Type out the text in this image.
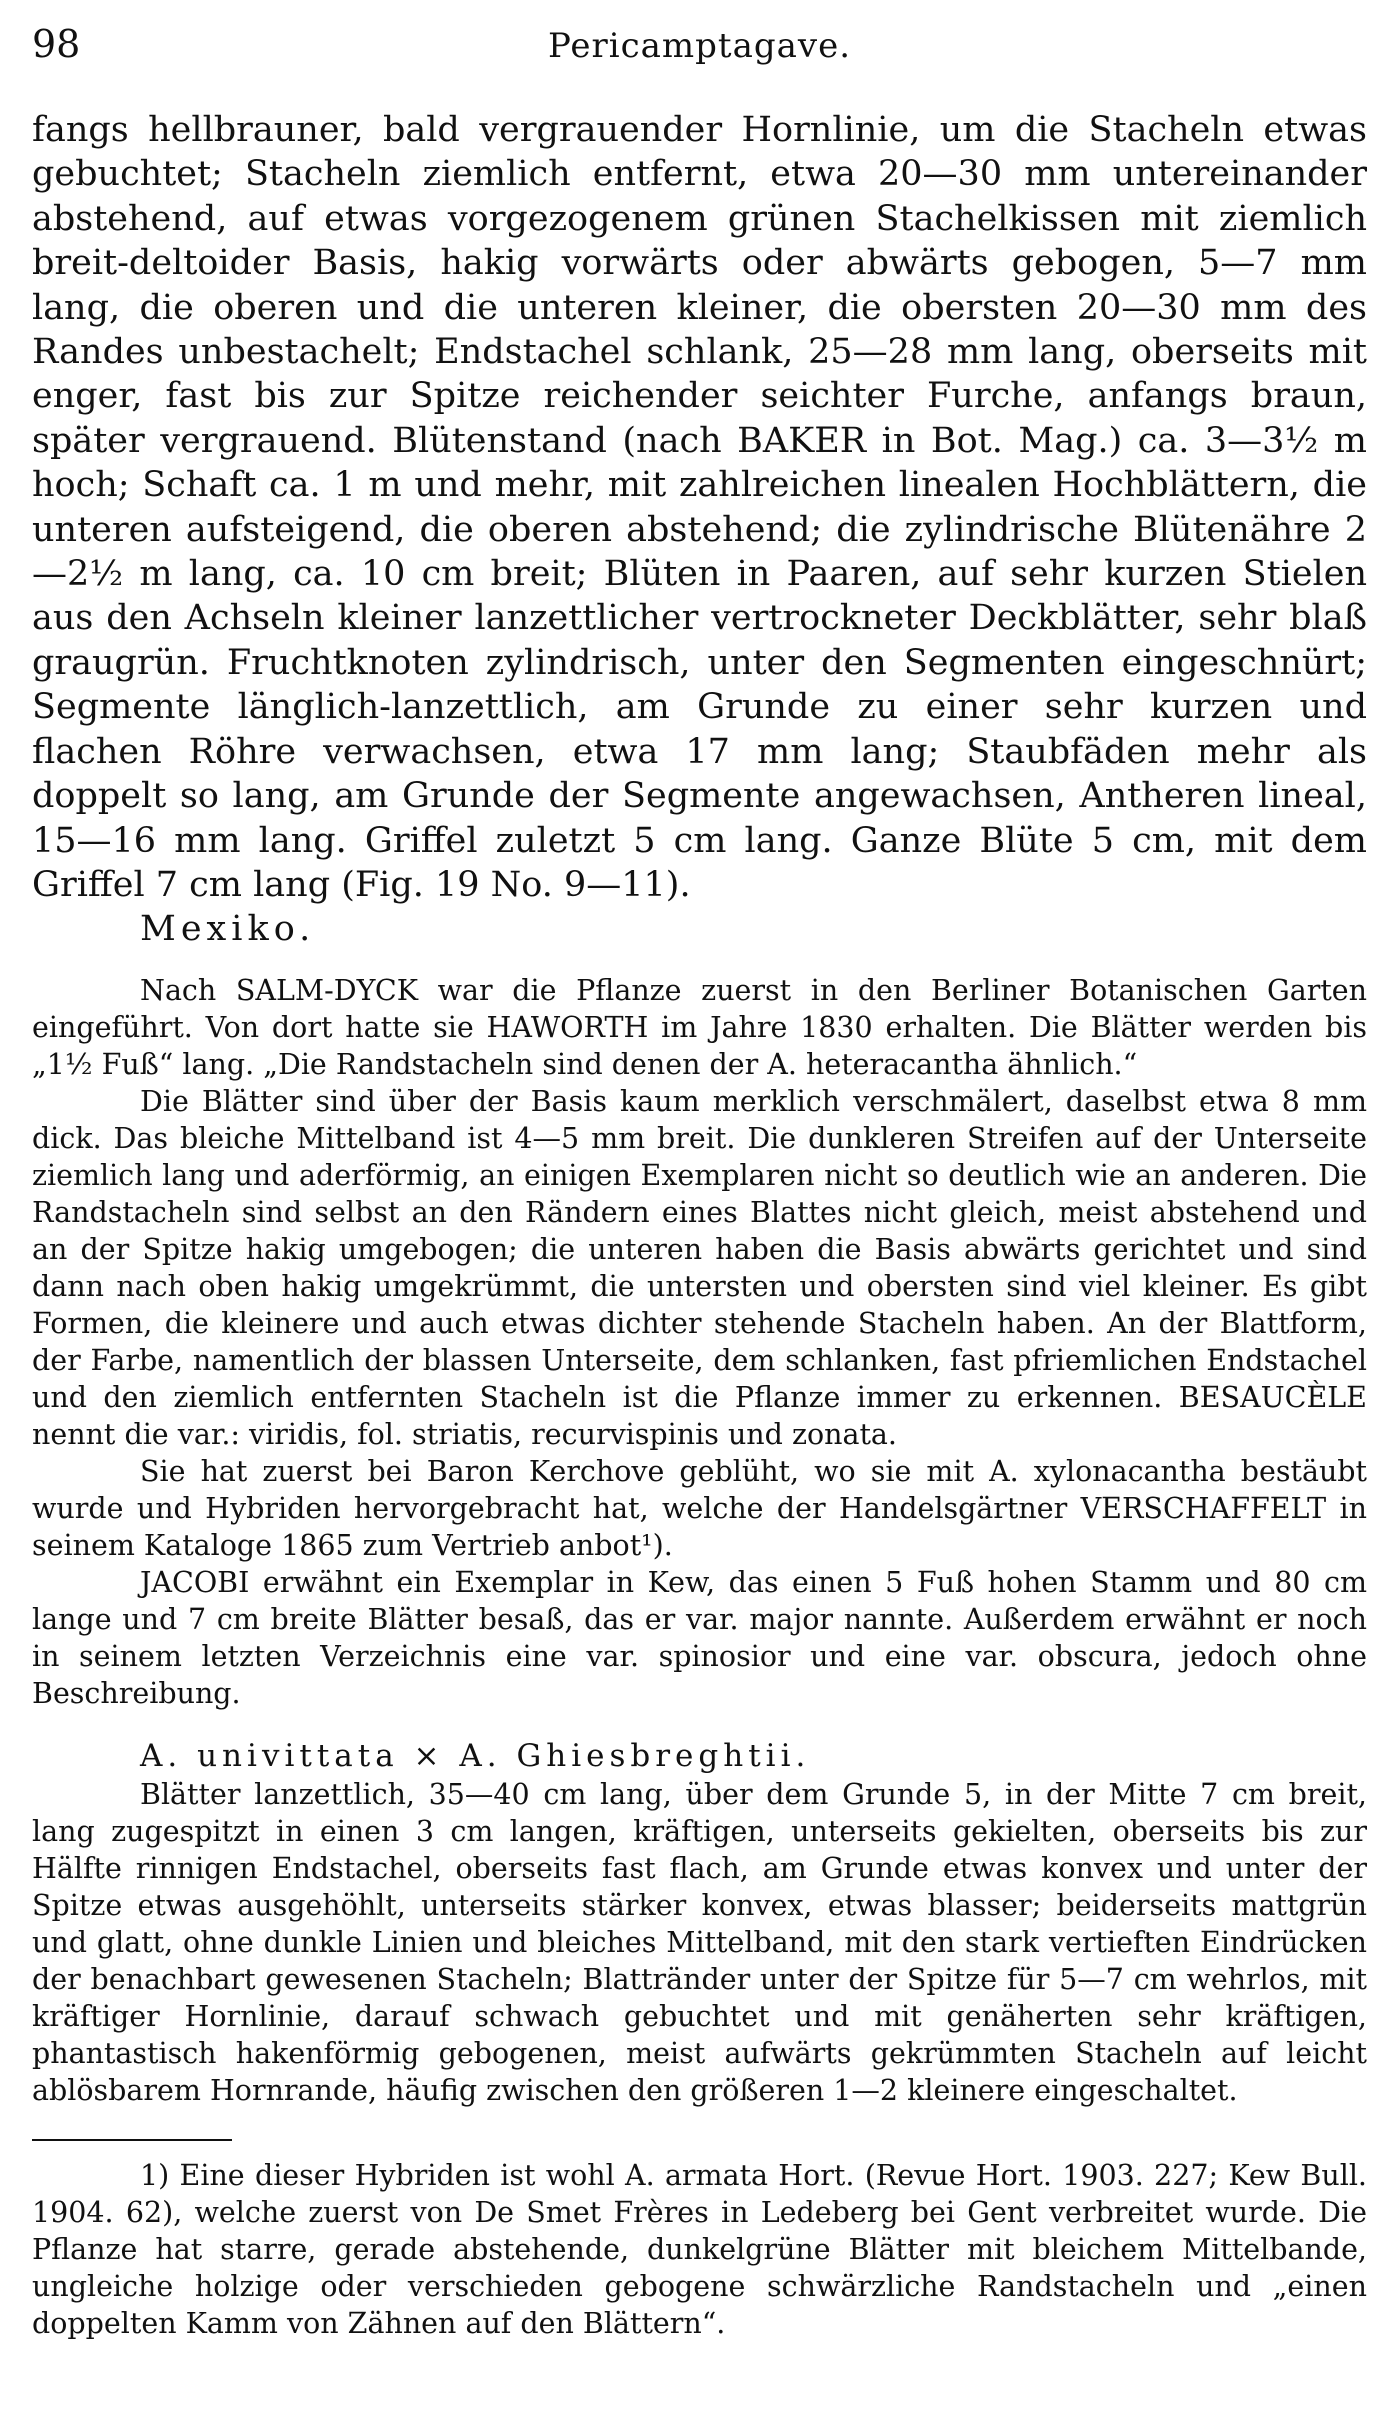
98	Pericamptagave.

fangs hellbrauner, bald vergrauender Hornlinie, um die Stacheln etwas gebuchtet; Stacheln ziemlich entfernt, etwa 20—30 mm untereinander abstehend, auf etwas vorgezogenem grünen Stachelkissen mit ziemlich breit-deltoider Basis, hakig vorwärts oder abwärts gebogen, 5—7 mm lang, die oberen und die unteren kleiner, die obersten 20—30 mm des Randes unbestachelt; Endstachel schlank, 25—28 mm lang, oberseits mit enger, fast bis zur Spitze reichender seichter Furche, anfangs braun, später vergrauend. Blütenstand (nach BAKER in Bot. Mag.) ca. 3—3½ m hoch; Schaft ca. 1 m und mehr, mit zahlreichen linealen Hochblättern, die unteren aufsteigend, die oberen abstehend; die zylindrische Blütenähre 2—2½ m lang, ca. 10 cm breit; Blüten in Paaren, auf sehr kurzen Stielen aus den Achseln kleiner lanzettlicher vertrockneter Deckblätter, sehr blaß graugrün. Fruchtknoten zylindrisch, unter den Segmenten eingeschnürt; Segmente länglich-lanzettlich, am Grunde zu einer sehr kurzen und flachen Röhre verwachsen, etwa 17 mm lang; Staubfäden mehr als doppelt so lang, am Grunde der Segmente angewachsen, Antheren lineal, 15—16 mm lang. Griffel zuletzt 5 cm lang. Ganze Blüte 5 cm, mit dem Griffel 7 cm lang (Fig. 19 No. 9—11).

Mexiko.

Nach SALM-DYCK war die Pflanze zuerst in den Berliner Botanischen Garten eingeführt. Von dort hatte sie HAWORTH im Jahre 1830 erhalten. Die Blätter werden bis „1½ Fuß“ lang. „Die Randstacheln sind denen der A. heteracantha ähnlich.“

Die Blätter sind über der Basis kaum merklich verschmälert, daselbst etwa 8 mm dick. Das bleiche Mittelband ist 4—5 mm breit. Die dunkleren Streifen auf der Unterseite ziemlich lang und aderförmig, an einigen Exemplaren nicht so deutlich wie an anderen. Die Randstacheln sind selbst an den Rändern eines Blattes nicht gleich, meist abstehend und an der Spitze hakig umgebogen; die unteren haben die Basis abwärts gerichtet und sind dann nach oben hakig umgekrümmt, die untersten und obersten sind viel kleiner. Es gibt Formen, die kleinere und auch etwas dichter stehende Stacheln haben. An der Blattform, der Farbe, namentlich der blassen Unterseite, dem schlanken, fast pfriemlichen Endstachel und den ziemlich entfernten Stacheln ist die Pflanze immer zu erkennen. BESAUCÈLE nennt die var.: viridis, fol. striatis, recurvispinis und zonata.

Sie hat zuerst bei Baron Kerchove geblüht, wo sie mit A. xylonacantha bestäubt wurde und Hybriden hervorgebracht hat, welche der Handelsgärtner VERSCHAFFELT in seinem Kataloge 1865 zum Vertrieb anbot¹).

JACOBI erwähnt ein Exemplar in Kew, das einen 5 Fuß hohen Stamm und 80 cm lange und 7 cm breite Blätter besaß, das er var. major nannte. Außerdem erwähnt er noch in seinem letzten Verzeichnis eine var. spinosior und eine var. obscura, jedoch ohne Beschreibung.

A. univittata × A. Ghiesbreghtii.

Blätter lanzettlich, 35—40 cm lang, über dem Grunde 5, in der Mitte 7 cm breit, lang zugespitzt in einen 3 cm langen, kräftigen, unterseits gekielten, oberseits bis zur Hälfte rinnigen Endstachel, oberseits fast flach, am Grunde etwas konvex und unter der Spitze etwas ausgehöhlt, unterseits stärker konvex, etwas blasser; beiderseits mattgrün und glatt, ohne dunkle Linien und bleiches Mittelband, mit den stark vertieften Eindrücken der benachbart gewesenen Stacheln; Blatträndеr unter der Spitze für 5—7 cm wehrlos, mit kräftiger Hornlinie, darauf schwach gebuchtet und mit genäherten sehr kräftigen, phantastisch hakenförmig gebogenen, meist aufwärts gekrümmten Stacheln auf leicht ablösbarem Hornrande, häufig zwischen den größeren 1—2 kleinere eingeschaltet.

1) Eine dieser Hybriden ist wohl A. armata Hort. (Revue Hort. 1903. 227; Kew Bull. 1904. 62), welche zuerst von De Smet Frères in Ledeberg bei Gent verbreitet wurde. Die Pflanze hat starre, gerade abstehende, dunkelgrüne Blätter mit bleichem Mittelbande, ungleiche holzige oder verschieden gebogene schwärzliche Randstacheln und „einen doppelten Kamm von Zähnen auf den Blättern“.
